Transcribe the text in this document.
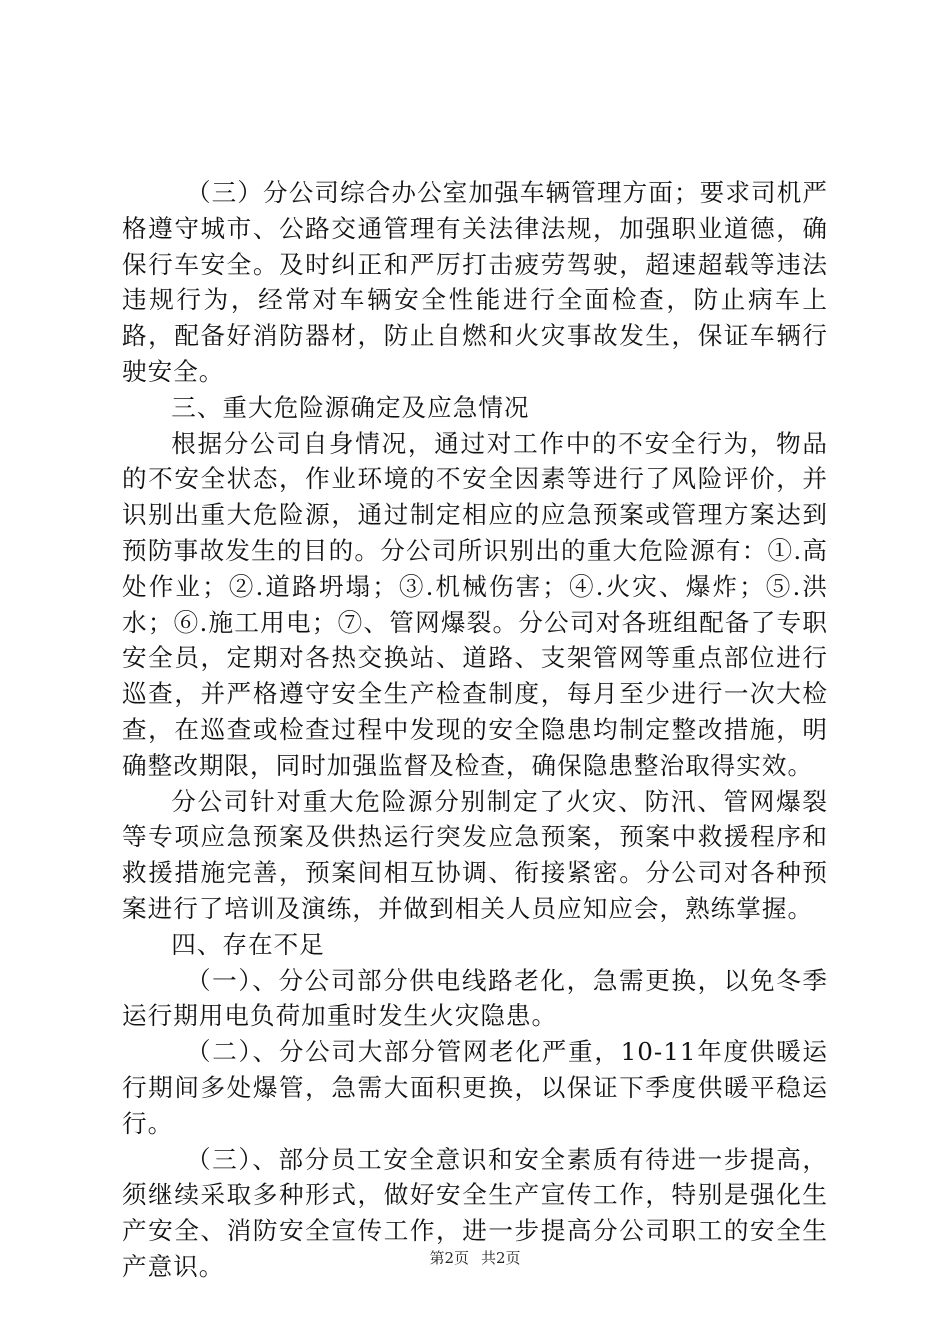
（三）分公司综合办公室加强车辆管理方面；要求司机严格遵守城市、公路交通管理有关法律法规，加强职业道德，确保行车安全。及时纠正和严厉打击疲劳驾驶，超速超载等违法违规行为，经常对车辆安全性能进行全面检查，防止病车上路，配备好消防器材，防止自燃和火灾事故发生，保证车辆行驶安全。

三、重大危险源确定及应急情况

根据分公司自身情况，通过对工作中的不安全行为，物品的不安全状态，作业环境的不安全因素等进行了风险评价，并识别出重大危险源，通过制定相应的应急预案或管理方案达到预防事故发生的目的。分公司所识别出的重大危险源有：①.高处作业；②.道路坍塌；③.机械伤害；④.火灾、爆炸；⑤.洪水；⑥.施工用电；⑦、管网爆裂。分公司对各班组配备了专职安全员，定期对各热交换站、道路、支架管网等重点部位进行巡查，并严格遵守安全生产检查制度，每月至少进行一次大检查，在巡查或检查过程中发现的安全隐患均制定整改措施，明确整改期限，同时加强监督及检查，确保隐患整治取得实效。

分公司针对重大危险源分别制定了火灾、防汛、管网爆裂等专项应急预案及供热运行突发应急预案，预案中救援程序和救援措施完善，预案间相互协调、衔接紧密。分公司对各种预案进行了培训及演练，并做到相关人员应知应会，熟练掌握。

四、存在不足

（一）、分公司部分供电线路老化，急需更换，以免冬季运行期用电负荷加重时发生火灾隐患。

（二）、分公司大部分管网老化严重，10-11年度供暖运行期间多处爆管，急需大面积更换，以保证下季度供暖平稳运行。

（三）、部分员工安全意识和安全素质有待进一步提高，须继续采取多种形式，做好安全生产宣传工作，特别是强化生产安全、消防安全宣传工作，进一步提高分公司职工的安全生产意识。	第2页 共2页
